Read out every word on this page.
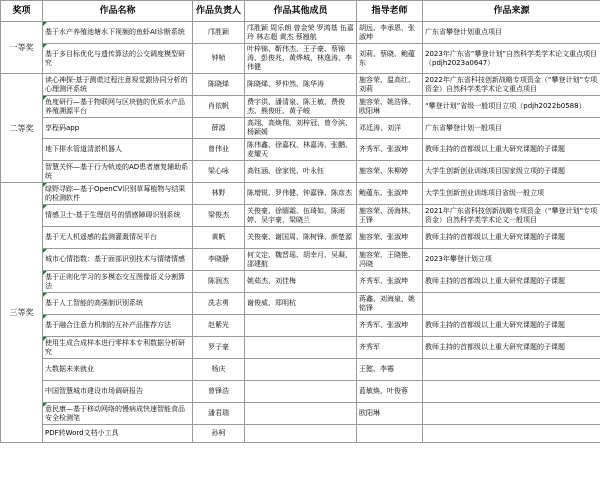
奖项	作品名称	作品负责人	作品其他成员	指导老师	作品来源
一等奖	基于水产养殖池塘水下视频的鱼虾AI诊断系统	邝胜颖	邝胜颖 周乐朗 曾金荣 罗鸿基 伍嘉玲 林志超 黄杰 蔡翘航	胡远、李承恩、张淑坤	广东省攀登计划重点项目
	基于多目标优化与遗传算法的公交调度模型研究	钟桢	叶梓锦、靳伟杰、王子豪、蔡锦涛、彭俊兆、黄烨城、林逸涛、李伟健	刘莉、蔡晓、鲍蕴东	2023年广东省“攀登计划”自然科学类学术论文重点项目（pdjh2023a0647）
二等奖	读心神探-基于测谎过程注意视觉跟协同分析的心理测评系统	陈晓烯	陈晓烯、罗仲然、陈华涛	施容荣、温高红、刘莉	2022年广东省科技创新战略专项资金（“攀登计划”专项资金）自然科学类学术论文重点项目
	鱼度研行—基于物联网与区块链的优质水产品养殖溯源平台	肖依帆	费宇洪、潘清泉、陈王敏、费俊杰、熊俊旺、黄子峻	施容荣、姚浩锋、欧阳琳	“攀登计划”省级一般项目立项（pdjh2022b0588）
	享程码app	薛源	高翊、高焕翔、刘梓冠、曾令滨、杨颖媛	邓廷涛、刘洋	广东省攀登计划一般项目
	地下排水管道清淤机器人	曾伟业	陈伟鑫、徐嘉权、林嘉涛、张鹏、麦耀天	齐秀军、张淑坤	教师主持的首都级以上重大研究课题的子课题
	智慧关怀—基于行为轨迹的AD患者康复辅助系统	梁心咏	高钰涵、徐家悦、叶永钰	施容荣、朱柳婷	大学生创新创业训练项目国家级立项的子课题
三等奖	绿野寻踪—基于OpenCV识别草莓植物与结果的检测软件	林野	陈增锐、罗伟健、钟嘉锋、陈彦杰	鲍蕴东、张淑坤	大学生创新创业训练项目省级一般立项
	情感卫士-基于生理信号的情感障碍识别系统	梁俊杰	关俊豪、徐缅霜、伍琦如、陈雨婷、吴宇豪、梁晓兰	施容荣、汤海林、王锋	2021年广东省科技创新战略专项资金（“攀登计划”专项资金）自然科学类学术论文一般项目
	基于无人机遥感的监测灌溉情况平台	黄帆	关俊豪、谢国周、陈树锋、颜楚源	施容荣、张淑坤	教师主持的首都级以上重大研究课题的子课题
	城市心情指数：基于面部识别技术与情绪情感	李晓静	何文定、魏晋瑶、胡幸月、吴凝、邵建航	施容荣、王晓艳、冯晓	2023年攀登计划立项
	基于正则化学习的多模态交互图像语义分割算法	陈润杰	姚茹杰、刘佳梅	齐秀军、张淑坤	教师主持的首都级以上重大研究课题的子课题
	基于人工智能的高强制识别系统	冼志勇	谢俊威、郑明杭	蒋鑫、刘海泉、姚铭锋	
	基于融合注意力机制的互补产品推荐方法	赵紫光		齐秀军、张淑坤	教师主持的首都级以上重大研究课题的子课题
	使用生成合成样本进行零样本专利数据分析研究	罗子豪		齐秀军	教师主持的首都级以上重大研究课题的子课题
	大数据未来就业	杨庆		王懿、李霉	
	中国智慧城市建设市场调研报告	曾锋浩		蓝敏焕、叶俊蓉	
	意民康—基于移动网络的慢病成快速智能食品安全检测笔	潘君瑞		欧阳琳	
	PDF转Word文档小工具	孙柯			
